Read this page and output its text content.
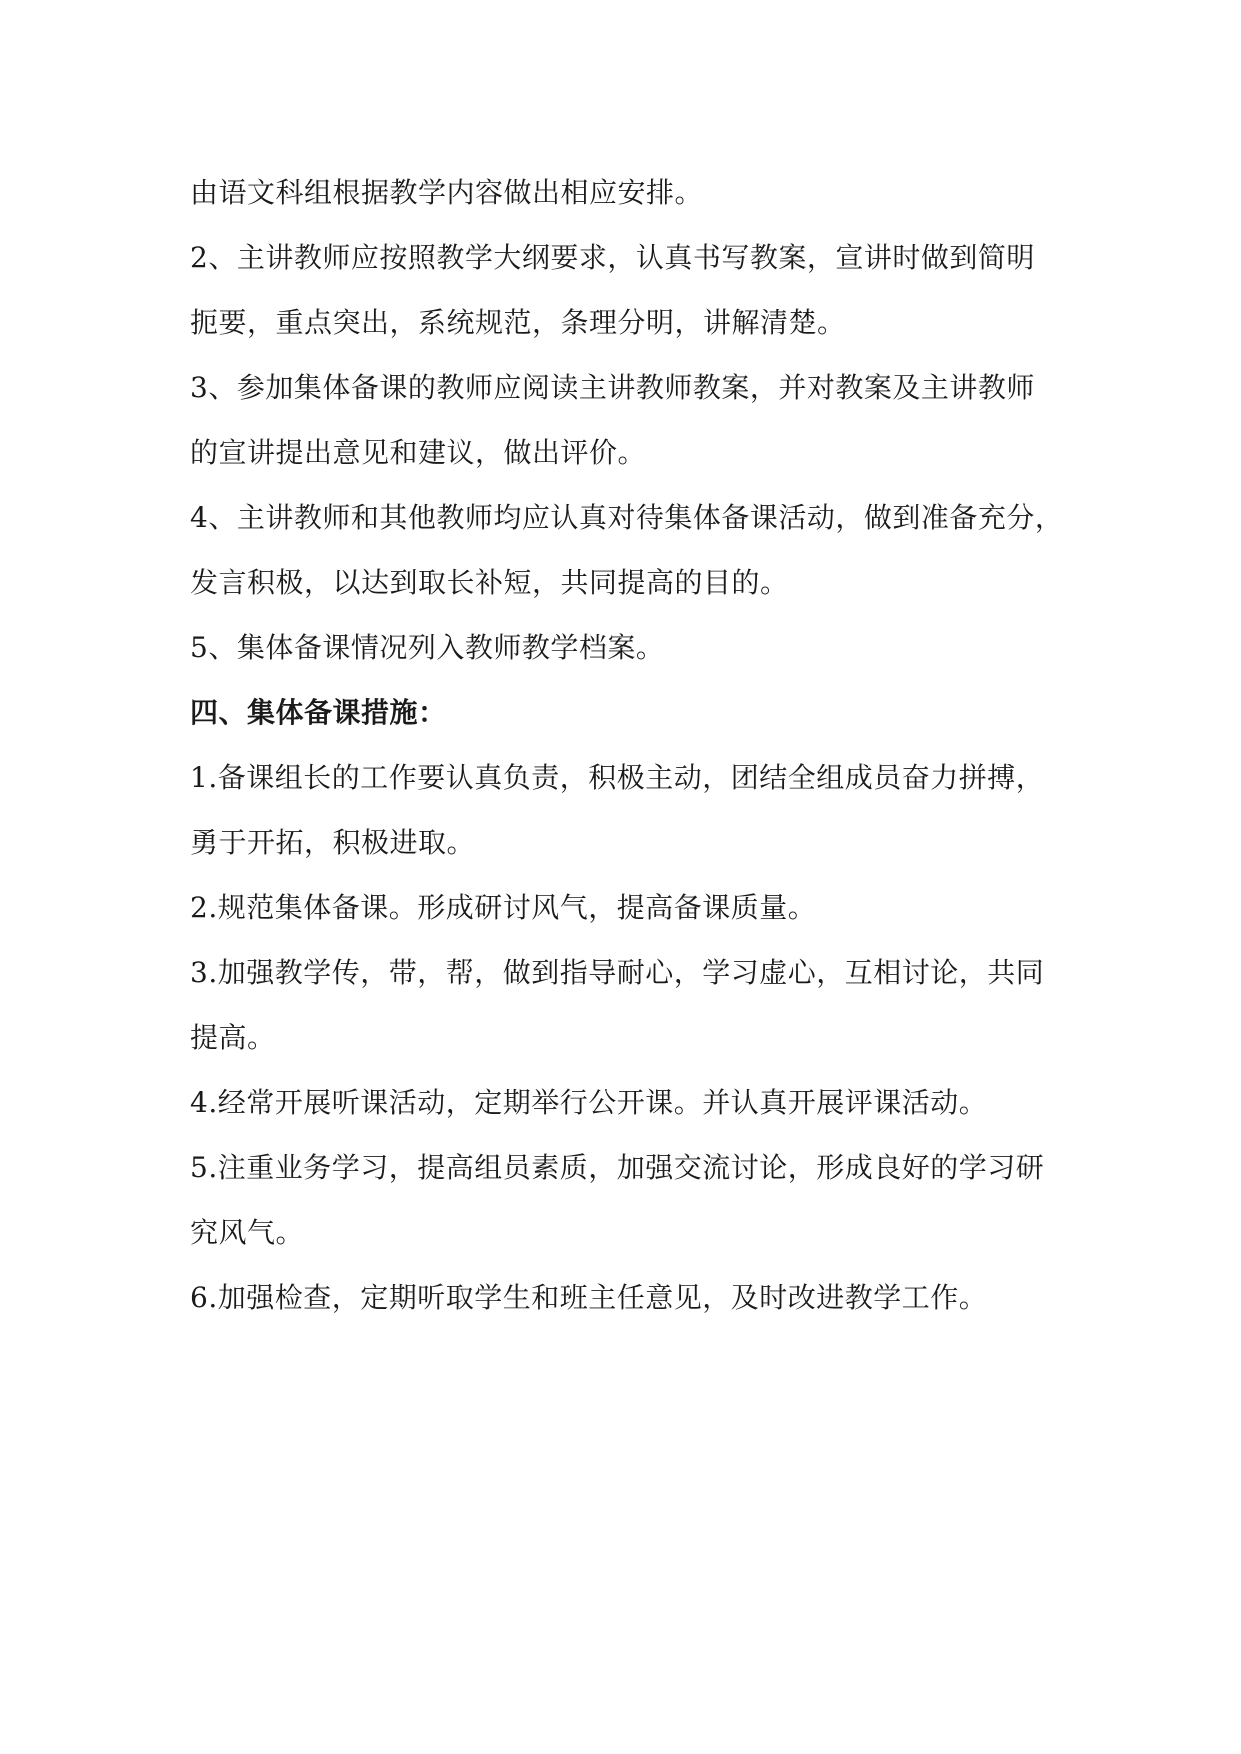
由语文科组根据教学内容做出相应安排。
2、主讲教师应按照教学大纲要求，认真书写教案，宣讲时做到简明
扼要，重点突出，系统规范，条理分明，讲解清楚。
3、参加集体备课的教师应阅读主讲教师教案，并对教案及主讲教师
的宣讲提出意见和建议，做出评价。
4、主讲教师和其他教师均应认真对待集体备课活动，做到准备充分，
发言积极，以达到取长补短，共同提高的目的。
5、集体备课情况列入教师教学档案。
四、集体备课措施：
1.备课组长的工作要认真负责，积极主动，团结全组成员奋力拼搏，
勇于开拓，积极进取。
2.规范集体备课。形成研讨风气，提高备课质量。
3.加强教学传，带，帮，做到指导耐心，学习虚心，互相讨论，共同
提高。
4.经常开展听课活动，定期举行公开课。并认真开展评课活动。
5.注重业务学习，提高组员素质，加强交流讨论，形成良好的学习研
究风气。
6.加强检查，定期听取学生和班主任意见，及时改进教学工作。
